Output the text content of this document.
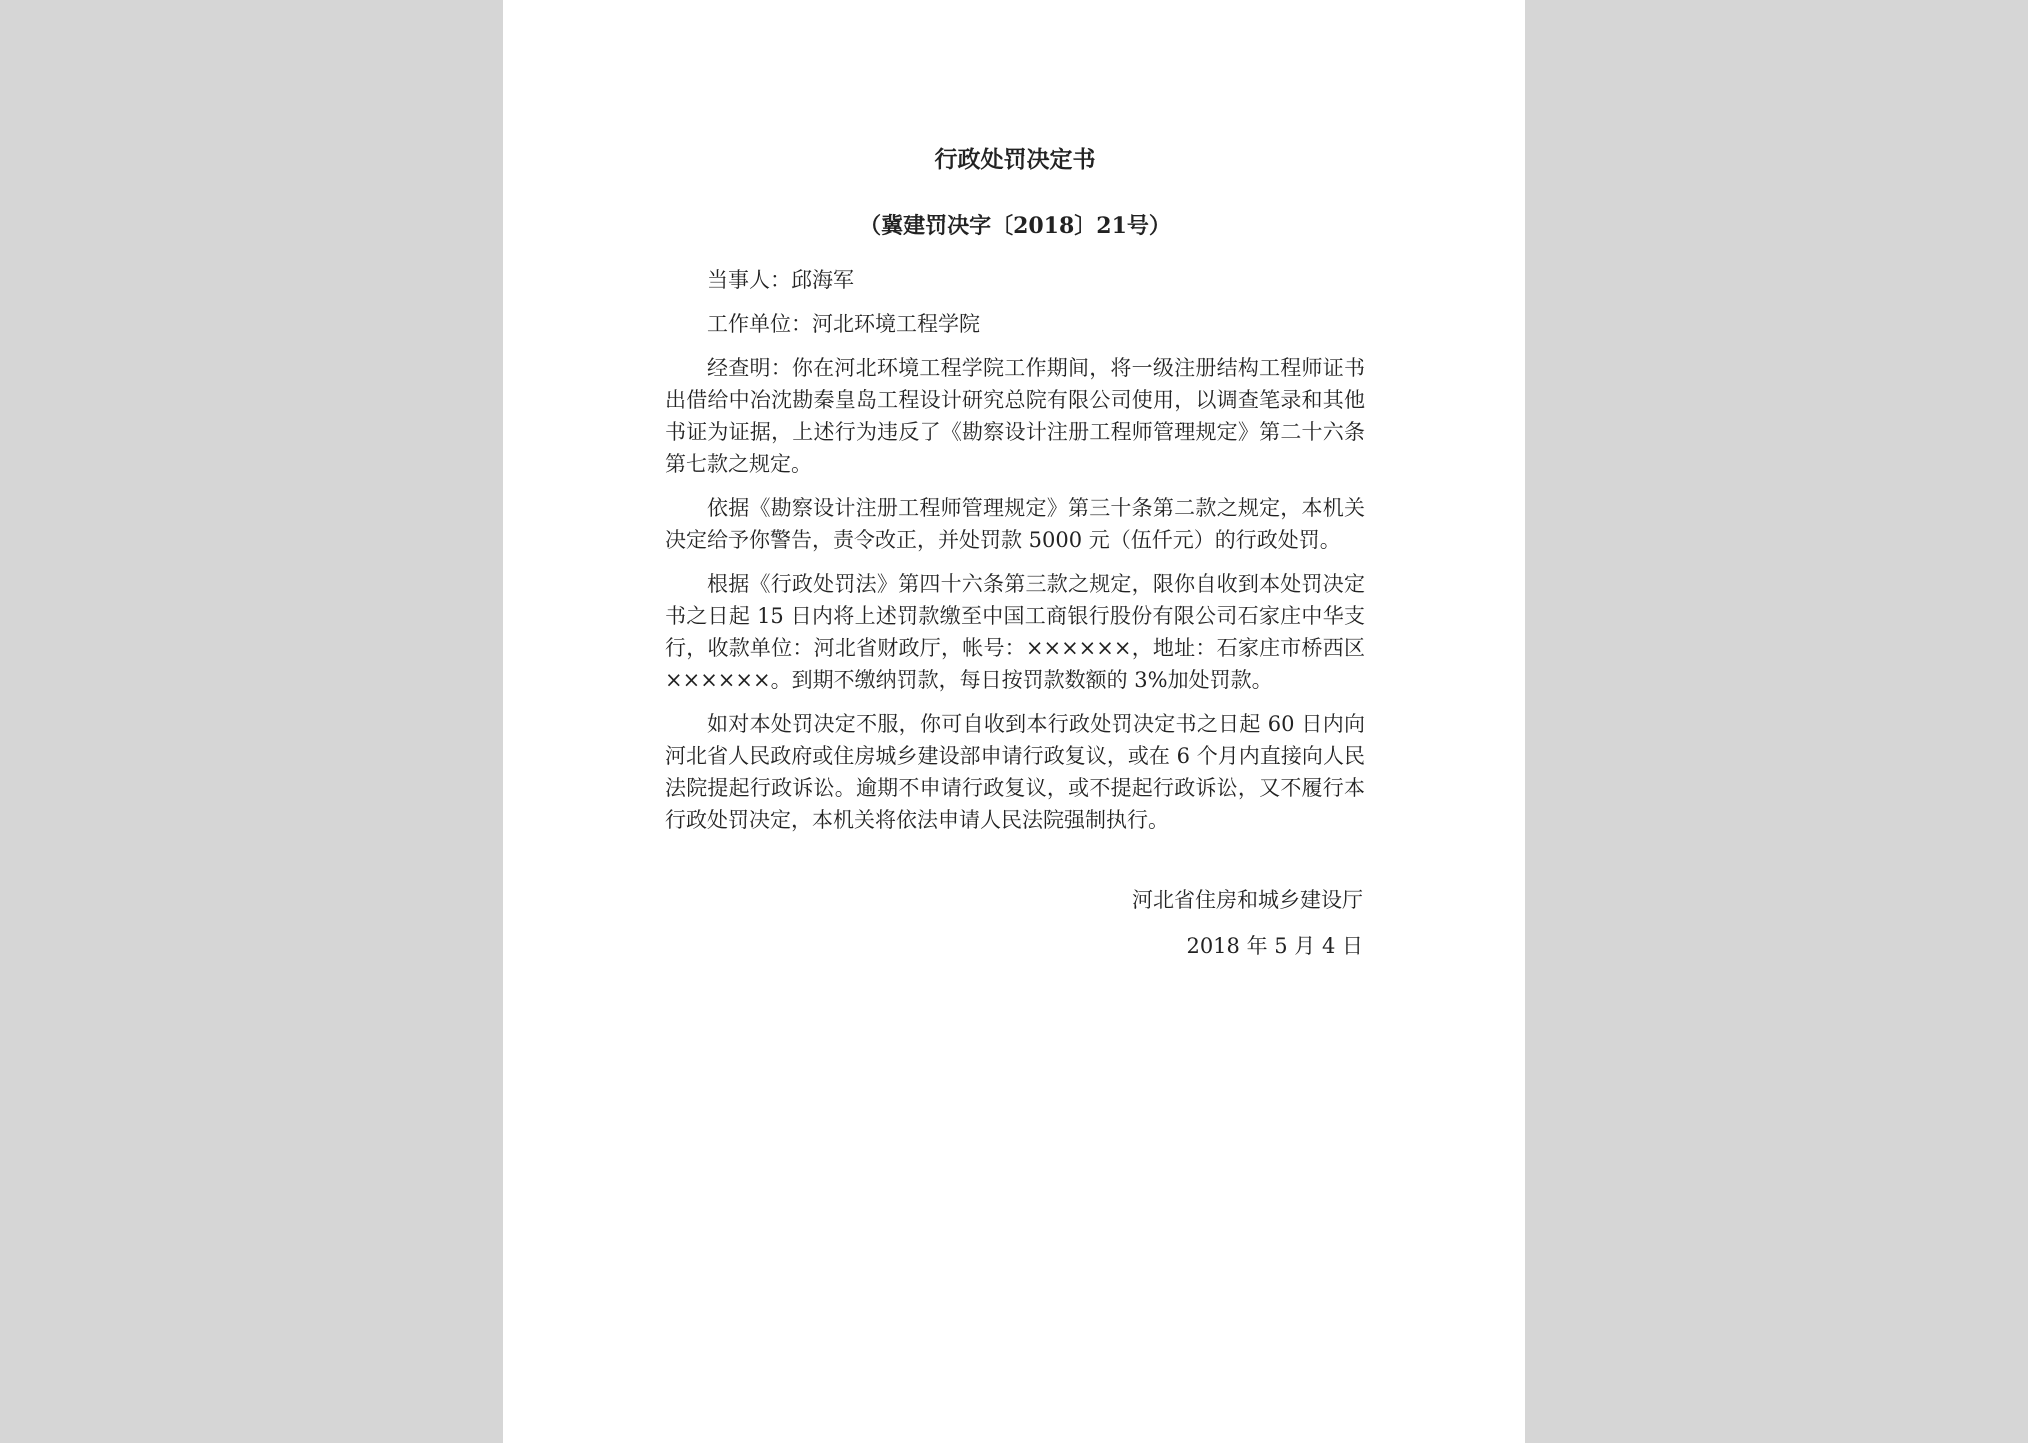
行政处罚决定书
（冀建罚决字〔2018〕21号）
当事人：邱海军
工作单位：河北环境工程学院
经查明：你在河北环境工程学院工作期间，将一级注册结构工程师证书出借给中冶沈勘秦皇岛工程设计研究总院有限公司使用，以调查笔录和其他书证为证据，上述行为违反了《勘察设计注册工程师管理规定》第二十六条第七款之规定。
依据《勘察设计注册工程师管理规定》第三十条第二款之规定，本机关决定给予你警告，责令改正，并处罚款 5000 元（伍仟元）的行政处罚。
根据《行政处罚法》第四十六条第三款之规定，限你自收到本处罚决定书之日起 15 日内将上述罚款缴至中国工商银行股份有限公司石家庄中华支行，收款单位：河北省财政厅，帐号：××××××，地址：石家庄市桥西区××××××。到期不缴纳罚款，每日按罚款数额的 3%加处罚款。
如对本处罚决定不服，你可自收到本行政处罚决定书之日起 60 日内向河北省人民政府或住房城乡建设部申请行政复议，或在 6 个月内直接向人民法院提起行政诉讼。逾期不申请行政复议，或不提起行政诉讼，又不履行本行政处罚决定，本机关将依法申请人民法院强制执行。
河北省住房和城乡建设厅
2018 年 5 月 4 日
